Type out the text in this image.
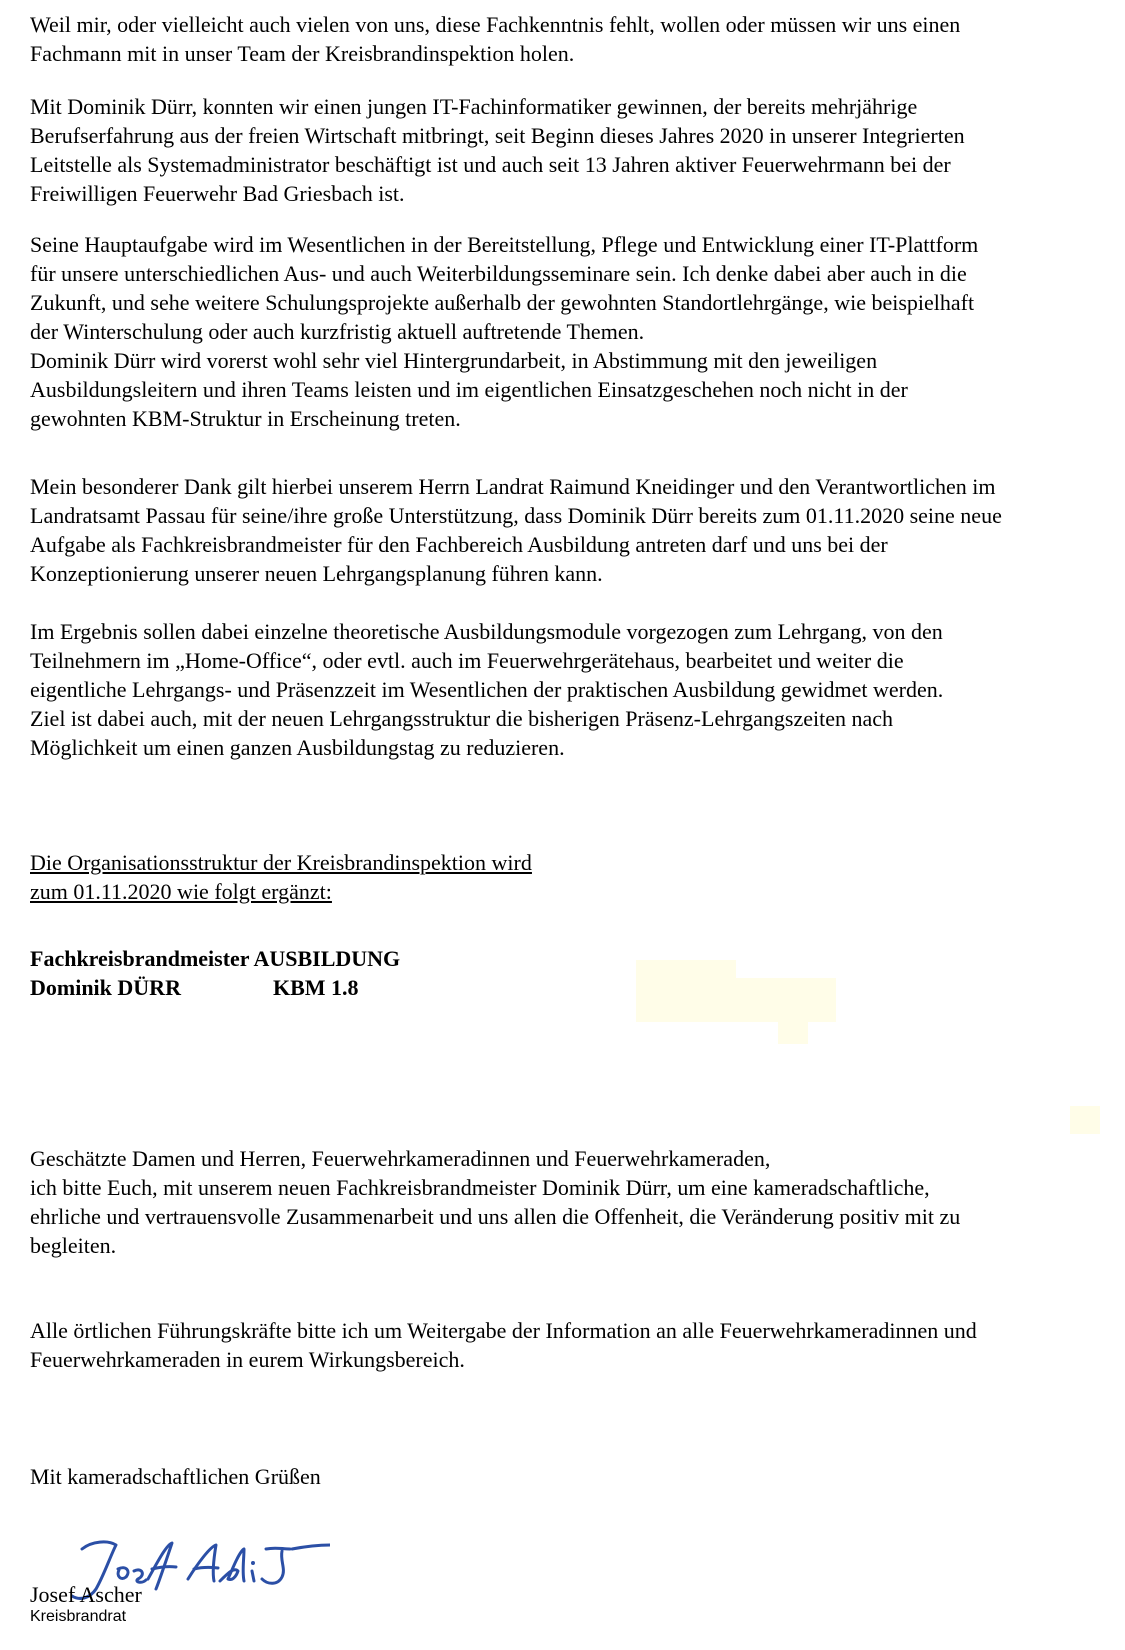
Weil mir, oder vielleicht auch vielen von uns, diese Fachkenntnis fehlt, wollen oder müssen wir uns einen
Fachmann mit in unser Team der Kreisbrandinspektion holen.
Mit Dominik Dürr, konnten wir einen jungen IT-Fachinformatiker gewinnen, der bereits mehrjährige
Berufserfahrung aus der freien Wirtschaft mitbringt, seit Beginn dieses Jahres 2020 in unserer Integrierten
Leitstelle als Systemadministrator beschäftigt ist und auch seit 13 Jahren aktiver Feuerwehrmann bei der
Freiwilligen Feuerwehr Bad Griesbach ist.
Seine Hauptaufgabe wird im Wesentlichen in der Bereitstellung, Pflege und Entwicklung einer IT-Plattform
für unsere unterschiedlichen Aus- und auch Weiterbildungsseminare sein. Ich denke dabei aber auch in die
Zukunft, und sehe weitere Schulungsprojekte außerhalb der gewohnten Standortlehrgänge, wie beispielhaft
der Winterschulung oder auch kurzfristig aktuell auftretende Themen.
Dominik Dürr wird vorerst wohl sehr viel Hintergrundarbeit, in Abstimmung mit den jeweiligen
Ausbildungsleitern und ihren Teams leisten und im eigentlichen Einsatzgeschehen noch nicht in der
gewohnten KBM-Struktur in Erscheinung treten.
Mein besonderer Dank gilt hierbei unserem Herrn Landrat Raimund Kneidinger und den Verantwortlichen im
Landratsamt Passau für seine/ihre große Unterstützung, dass Dominik Dürr bereits zum 01.11.2020 seine neue
Aufgabe als Fachkreisbrandmeister für den Fachbereich Ausbildung antreten darf und uns bei der
Konzeptionierung unserer neuen Lehrgangsplanung führen kann.
Im Ergebnis sollen dabei einzelne theoretische Ausbildungsmodule vorgezogen zum Lehrgang, von den
Teilnehmern im „Home-Office“, oder evtl. auch im Feuerwehrgerätehaus, bearbeitet und weiter die
eigentliche Lehrgangs- und Präsenzzeit im Wesentlichen der praktischen Ausbildung gewidmet werden.
Ziel ist dabei auch, mit der neuen Lehrgangsstruktur die bisherigen Präsenz-Lehrgangszeiten nach
Möglichkeit um einen ganzen Ausbildungstag zu reduzieren.
Die Organisationsstruktur der Kreisbrandinspektion wird
zum 01.11.2020 wie folgt ergänzt:
Fachkreisbrandmeister AUSBILDUNG
Dominik DÜRR	KBM 1.8
Geschätzte Damen und Herren, Feuerwehrkameradinnen und Feuerwehrkameraden,
ich bitte Euch, mit unserem neuen Fachkreisbrandmeister Dominik Dürr, um eine kameradschaftliche,
ehrliche und vertrauensvolle Zusammenarbeit und uns allen die Offenheit, die Veränderung positiv mit zu
begleiten.
Alle örtlichen Führungskräfte bitte ich um Weitergabe der Information an alle Feuerwehrkameradinnen und
Feuerwehrkameraden in eurem Wirkungsbereich.
Mit kameradschaftlichen Grüßen
Josef Ascher
Kreisbrandrat
